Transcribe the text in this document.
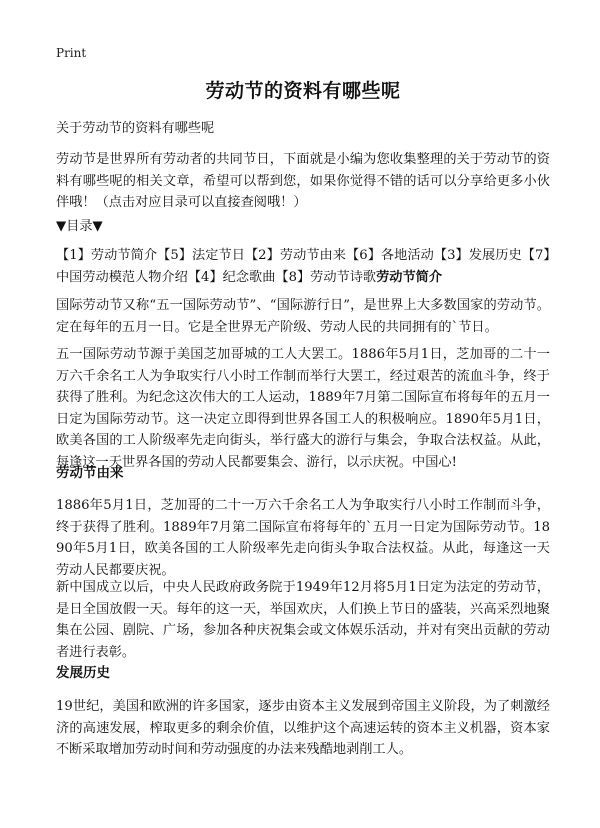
Print
劳动节的资料有哪些呢

关于劳动节的资料有哪些呢

劳动节是世界所有劳动者的共同节日，下面就是小编为您收集整理的关于劳动节的资料有哪些呢的相关文章，希望可以帮到您，如果你觉得不错的话可以分享给更多小伙伴哦！（点击对应目录可以直接查阅哦！）

▼目录▼

【1】劳动节简介【5】法定节日【2】劳动节由来【6】各地活动【3】发展历史【7】中国劳动模范人物介绍【4】纪念歌曲【8】劳动节诗歌劳动节简介

国际劳动节又称“五一国际劳动节”、“国际游行日”，是世界上大多数国家的劳动节。定在每年的五月一日。它是全世界无产阶级、劳动人民的共同拥有的`节日。

五一国际劳动节源于美国芝加哥城的工人大罢工。1886年5月1日，芝加哥的二十一万六千余名工人为争取实行八小时工作制而举行大罢工，经过艰苦的流血斗争，终于获得了胜利。为纪念这次伟大的工人运动，1889年7月第二国际宣布将每年的五月一日定为国际劳动节。这一决定立即得到世界各国工人的积极响应。1890年5月1日，欧美各国的工人阶级率先走向街头，举行盛大的游行与集会，争取合法权益。从此，每逢这一天世界各国的劳动人民都要集会、游行，以示庆祝。中国心!

劳动节由来

1886年5月1日，芝加哥的二十一万六千余名工人为争取实行八小时工作制而斗争，终于获得了胜利。1889年7月第二国际宣布将每年的`五月一日定为国际劳动节。1890年5月1日，欧美各国的工人阶级率先走向街头争取合法权益。从此，每逢这一天劳动人民都要庆祝。

新中国成立以后，中央人民政府政务院于1949年12月将5月1日定为法定的劳动节，是日全国放假一天。每年的这一天，举国欢庆，人们换上节日的盛装，兴高采烈地聚集在公园、剧院、广场，参加各种庆祝集会或文体娱乐活动，并对有突出贡献的劳动者进行表彰。

发展历史

19世纪，美国和欧洲的许多国家，逐步由资本主义发展到帝国主义阶段，为了刺激经济的高速发展，榨取更多的剩余价值，以维护这个高速运转的资本主义机器，资本家不断采取增加劳动时间和劳动强度的办法来残酷地剥削工人。
